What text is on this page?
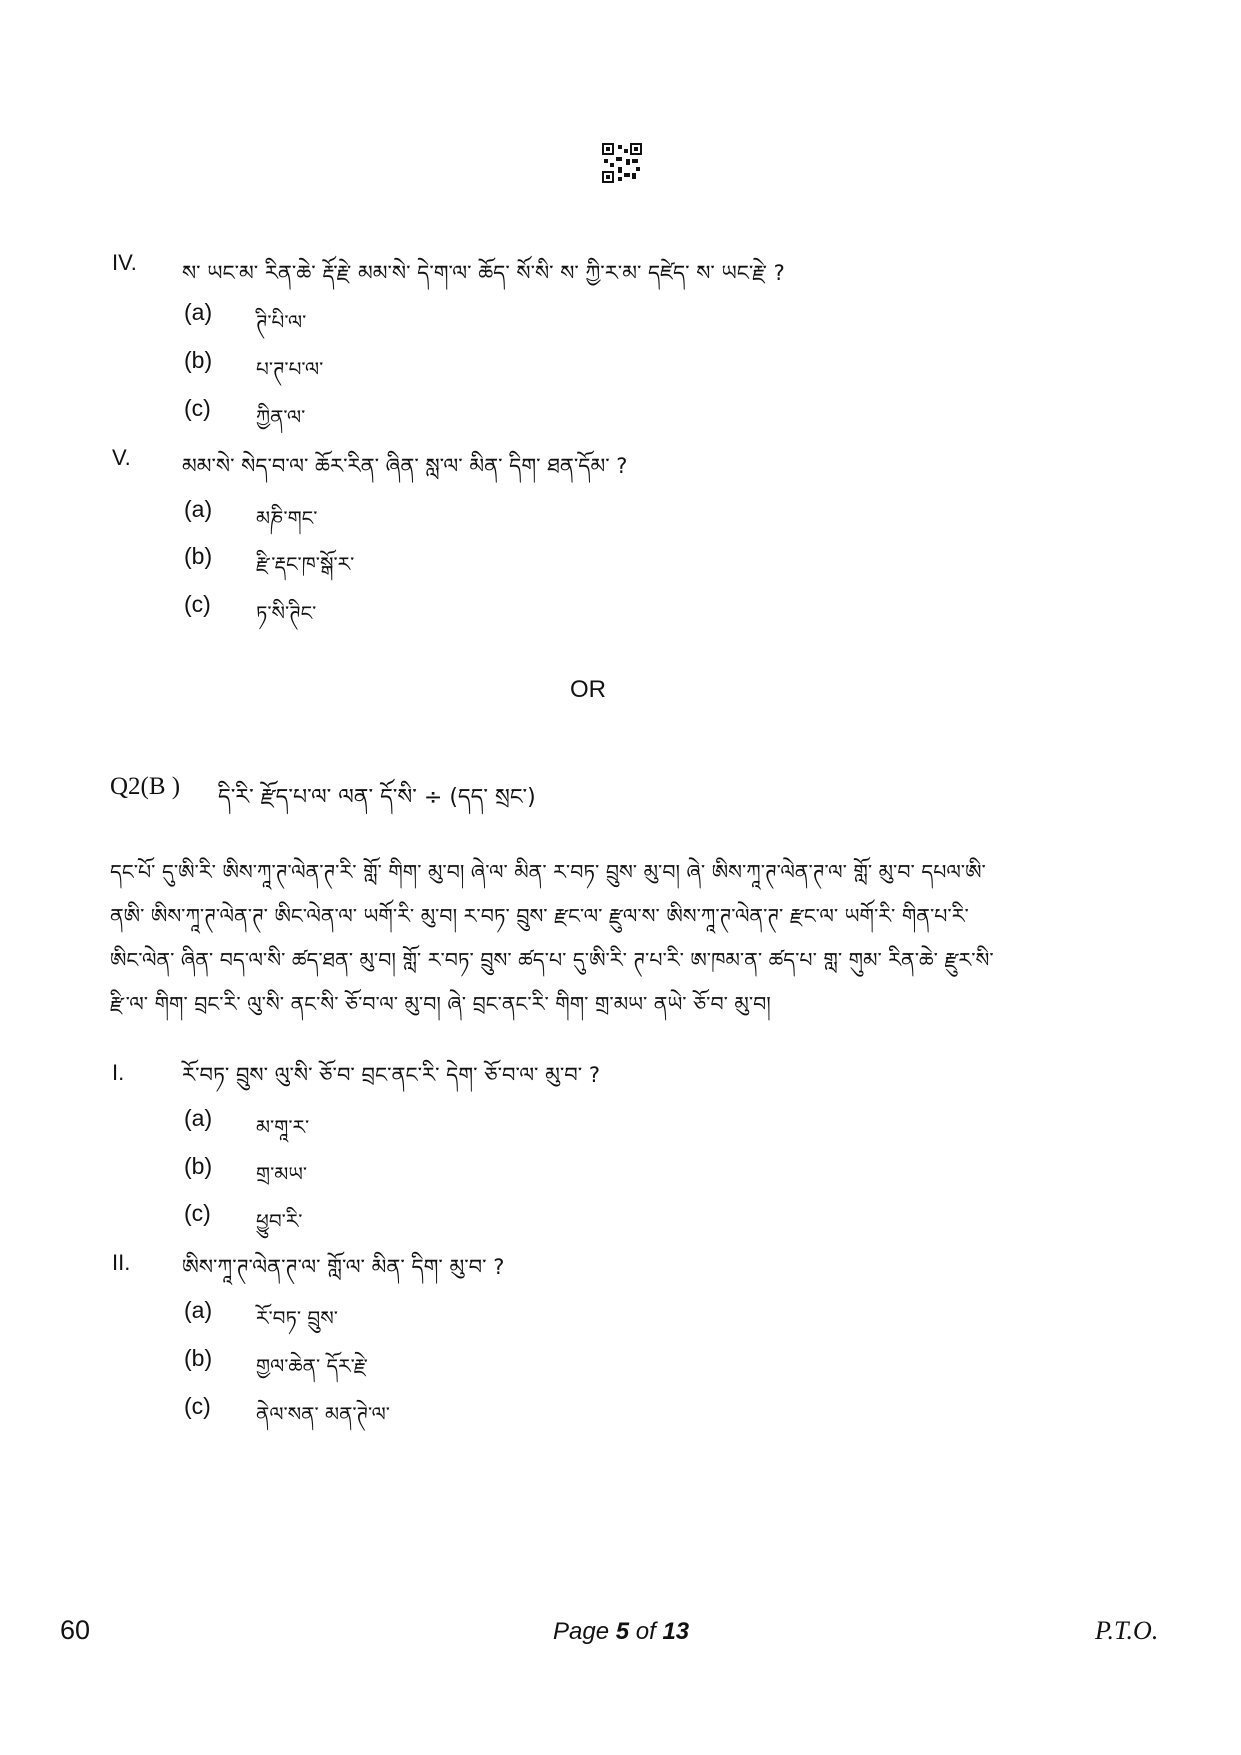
IV. ས་ ཡང་མ་ རིན་ཆེ་ རྡོ་རྗེ་ མམ་སེ་ དེ་ག་ལ་ ཆོད་ སོ་སི་ ས་ ཀྱི་ར་མ་ དཛེད་ ས་ ཡང་རྗེ་ ?
(a) ཊི་པི་ལ་
(b) པ་ཊ་པ་ལ་
(c) ཀྱིན་ལ་
V. མམ་སེ་ སེད་བ་ལ་ ཆོར་རིན་ ཞིན་ སླ་ལ་ མིན་ དིག་ ཐན་དོམ་ ?
(a) མཎི་གང་
(b) རྫི་རྡང་ཁ་སྒོ་ར་
(c) ཏ་སི་ཊིང་
OR
Q2(B ) དི་རི་ རྫོད་པ་ལ་ ལན་ དོ་སི་ ÷ (དད་ སྲང་)
དང་པོ་ དུ་ཨི་རི་ ཨིས་ཀཱ་ཊ་ལེན་ཊ་རི་ གློ་ གིག་ མུ་བ། ཞེ་ལ་ མིན་ ར་བཏ་ བྲུས་ མུ་བ། ཞེ་ ཨིས་ཀཱ་ཊ་ལེན་ཊ་ལ་ གློ་ མུ་བ་ དཔལ་ཨི་
ནཨི་ ཨིས་ཀཱ་ཊ་ལེན་ཊ་ ཨིང་ལེན་ལ་ ཡགོ་རི་ མུ་བ། ར་བཏ་ བྲུས་ རྫང་ལ་ རྫུལ་ས་ ཨིས་ཀཱ་ཊ་ལེན་ཊ་ རྫང་ལ་ ཡགོ་རི་ གིན་པ་རི་
ཨིང་ལེན་ ཞིན་ བད་ལ་སི་ ཚད་ཐན་ མུ་བ། གློ་ ར་བཏ་ བྲུས་ ཚད་པ་ དུ་ཨི་རི་ ཊ་པ་རི་ ཨ་ཁམ་ན་ ཚད་པ་ གླ་ གུམ་ རིན་ཆེ་ རྫུར་སི་
རྫི་ལ་ གིག་ བྲང་རི་ ལུ་སི་ ནང་སི་ ཅོ་བ་ལ་ མུ་བ། ཞེ་ བྲང་ནང་རི་ གིག་ གྲ་མཡ་ ནཡེ་ ཅོ་བ་ མུ་བ།
I.	རོ་བཏ་ བྲུས་ ལུ་སི་ ཅོ་བ་ བྲང་ནང་རི་ དེག་ ཅོ་བ་ལ་ མུ་བ་ ?
(a) མ་གཱ་ར་
(b) གྲ་མཡ་
(c) ཕྱུབ་རི་
II. ཨིས་ཀཱ་ཊ་ལེན་ཊ་ལ་ གློ་ལ་ མིན་ དིག་ མུ་བ་ ?
(a) རོ་བཏ་ བྲུས་
(b) གྱལ་ཆེན་ དོར་རྗེ་
(c) ནེལ་སན་ མན་ཊེ་ལ་
60	Page 5 of 13	P.T.O.
